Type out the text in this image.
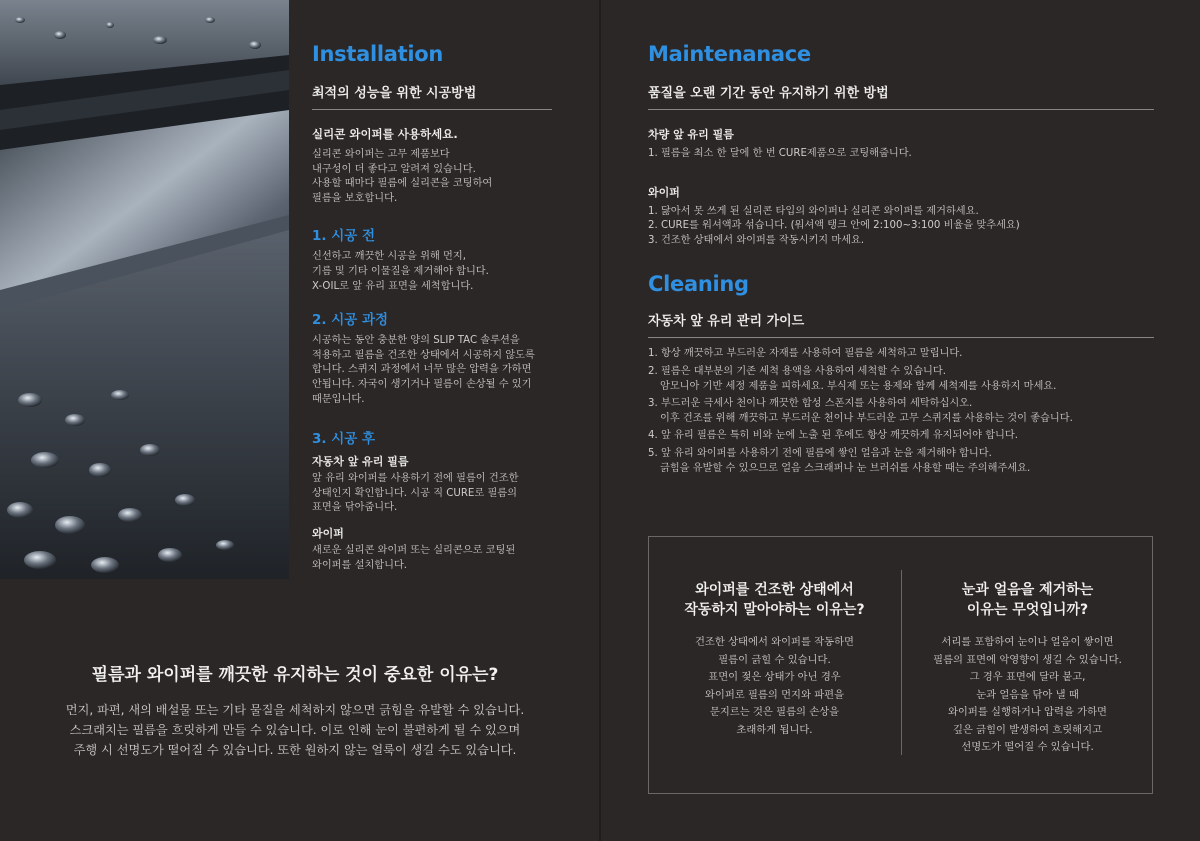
Installation
최적의 성능을 위한 시공방법
실리콘 와이퍼를 사용하세요.
실리콘 와이퍼는 고무 제품보다
내구성이 더 좋다고 알려져 있습니다.
사용할 때마다 필름에 실리콘을 코팅하여
필름을 보호합니다.
1. 시공 전
신선하고 깨끗한 시공을 위해 먼지,
기름 및 기타 이물질을 제거해야 합니다.
X-OIL로 앞 유리 표면을 세척합니다.
2. 시공 과정
시공하는 동안 충분한 양의 SLIP TAC 솔루션을
적용하고 필름을 건조한 상태에서 시공하지 않도록
합니다. 스퀴지 과정에서 너무 많은 압력을 가하면
안됩니다. 자국이 생기거나 필름이 손상될 수 있기
때문입니다.
3. 시공 후
자동차 앞 유리 필름
앞 유리 와이퍼를 사용하기 전에 필름이 건조한
상태인지 확인합니다. 시공 직 CURE로 필름의
표면을 닦아줍니다.
와이퍼
새로운 실리콘 와이퍼 또는 실리콘으로 코팅된
와이퍼를 설치합니다.
필름과 와이퍼를 깨끗한 유지하는 것이 중요한 이유는?
먼지, 파편, 새의 배설물 또는 기타 물질을 세척하지 않으면 긁힘을 유발할 수 있습니다.
스크래치는 필름을 흐릿하게 만들 수 있습니다. 이로 인해 눈이 불편하게 될 수 있으며
주행 시 선명도가 떨어질 수 있습니다. 또한 원하지 않는 얼룩이 생길 수도 있습니다.
Maintenanace
품질을 오랜 기간 동안 유지하기 위한 방법
차량 앞 유리 필름
1. 필름을 최소 한 달에 한 번 CURE제품으로 코팅해줍니다.
와이퍼
1. 닳아서 못 쓰게 된 실리콘 타입의 와이퍼나 실리콘 와이퍼를 제거하세요.
2. CURE를 워셔액과 섞습니다. (워셔액 탱크 안에 2:100~3:100 비율을 맞추세요)
3. 건조한 상태에서 와이퍼를 작동시키지 마세요.
Cleaning
자동차 앞 유리 관리 가이드
1. 항상 깨끗하고 부드러운 자재를 사용하여 필름을 세척하고 말립니다.
2. 필름은 대부분의 기존 세척 용액을 사용하여 세척할 수 있습니다.
암모니아 기반 세정 제품을 피하세요. 부식제 또는 용제와 함께 세척제를 사용하지 마세요.
3. 부드러운 극세사 천이나 깨끗한 합성 스폰지를 사용하여 세탁하십시오.
이후 건조를 위해 깨끗하고 부드러운 천이나 부드러운 고무 스퀴지를 사용하는 것이 좋습니다.
4. 앞 유리 필름은 특히 비와 눈에 노출 된 후에도 항상 깨끗하게 유지되어야 합니다.
5. 앞 유리 와이퍼를 사용하기 전에 필름에 쌓인 얼음과 눈을 제거해야 합니다.
긁힘을 유발할 수 있으므로 얼음 스크래퍼나 눈 브러쉬를 사용할 때는 주의해주세요.
와이퍼를 건조한 상태에서
작동하지 말아야하는 이유는?
건조한 상태에서 와이퍼를 작동하면
필름이 긁힐 수 있습니다.
표면이 젖은 상태가 아닌 경우
와이퍼로 필름의 먼지와 파편을
문지르는 것은 필름의 손상을
초래하게 됩니다.
눈과 얼음을 제거하는
이유는 무엇입니까?
서리를 포함하여 눈이나 얼음이 쌓이면
필름의 표면에 악영향이 생길 수 있습니다.
그 경우 표면에 달라 붙고,
눈과 얼음을 닦아 낼 때
와이퍼를 실행하거나 압력을 가하면
깊은 긁힘이 발생하여 흐릿해지고
선명도가 떨어질 수 있습니다.
